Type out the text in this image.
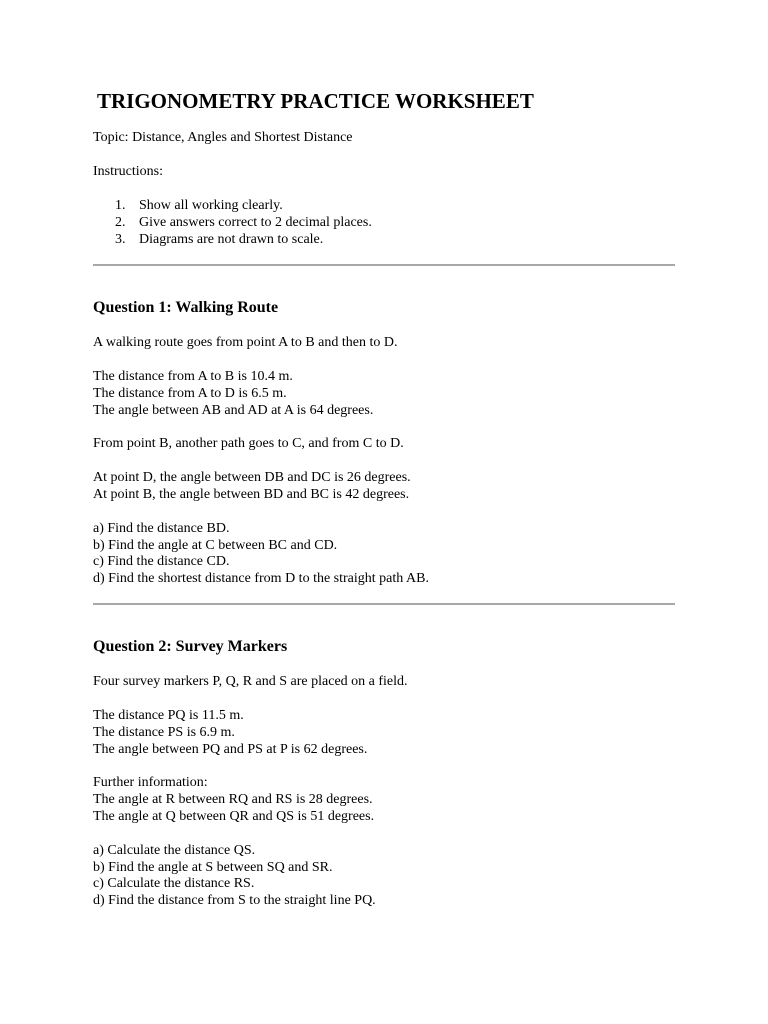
TRIGONOMETRY PRACTICE WORKSHEET
Topic: Distance, Angles and Shortest Distance
Instructions:
1. Show all working clearly.
2. Give answers correct to 2 decimal places.
3. Diagrams are not drawn to scale.
Question 1: Walking Route
A walking route goes from point A to B and then to D.
The distance from A to B is 10.4 m.
The distance from A to D is 6.5 m.
The angle between AB and AD at A is 64 degrees.
From point B, another path goes to C, and from C to D.
At point D, the angle between DB and DC is 26 degrees.
At point B, the angle between BD and BC is 42 degrees.
a) Find the distance BD.
b) Find the angle at C between BC and CD.
c) Find the distance CD.
d) Find the shortest distance from D to the straight path AB.
Question 2: Survey Markers
Four survey markers P, Q, R and S are placed on a field.
The distance PQ is 11.5 m.
The distance PS is 6.9 m.
The angle between PQ and PS at P is 62 degrees.
Further information:
The angle at R between RQ and RS is 28 degrees.
The angle at Q between QR and QS is 51 degrees.
a) Calculate the distance QS.
b) Find the angle at S between SQ and SR.
c) Calculate the distance RS.
d) Find the distance from S to the straight line PQ.
